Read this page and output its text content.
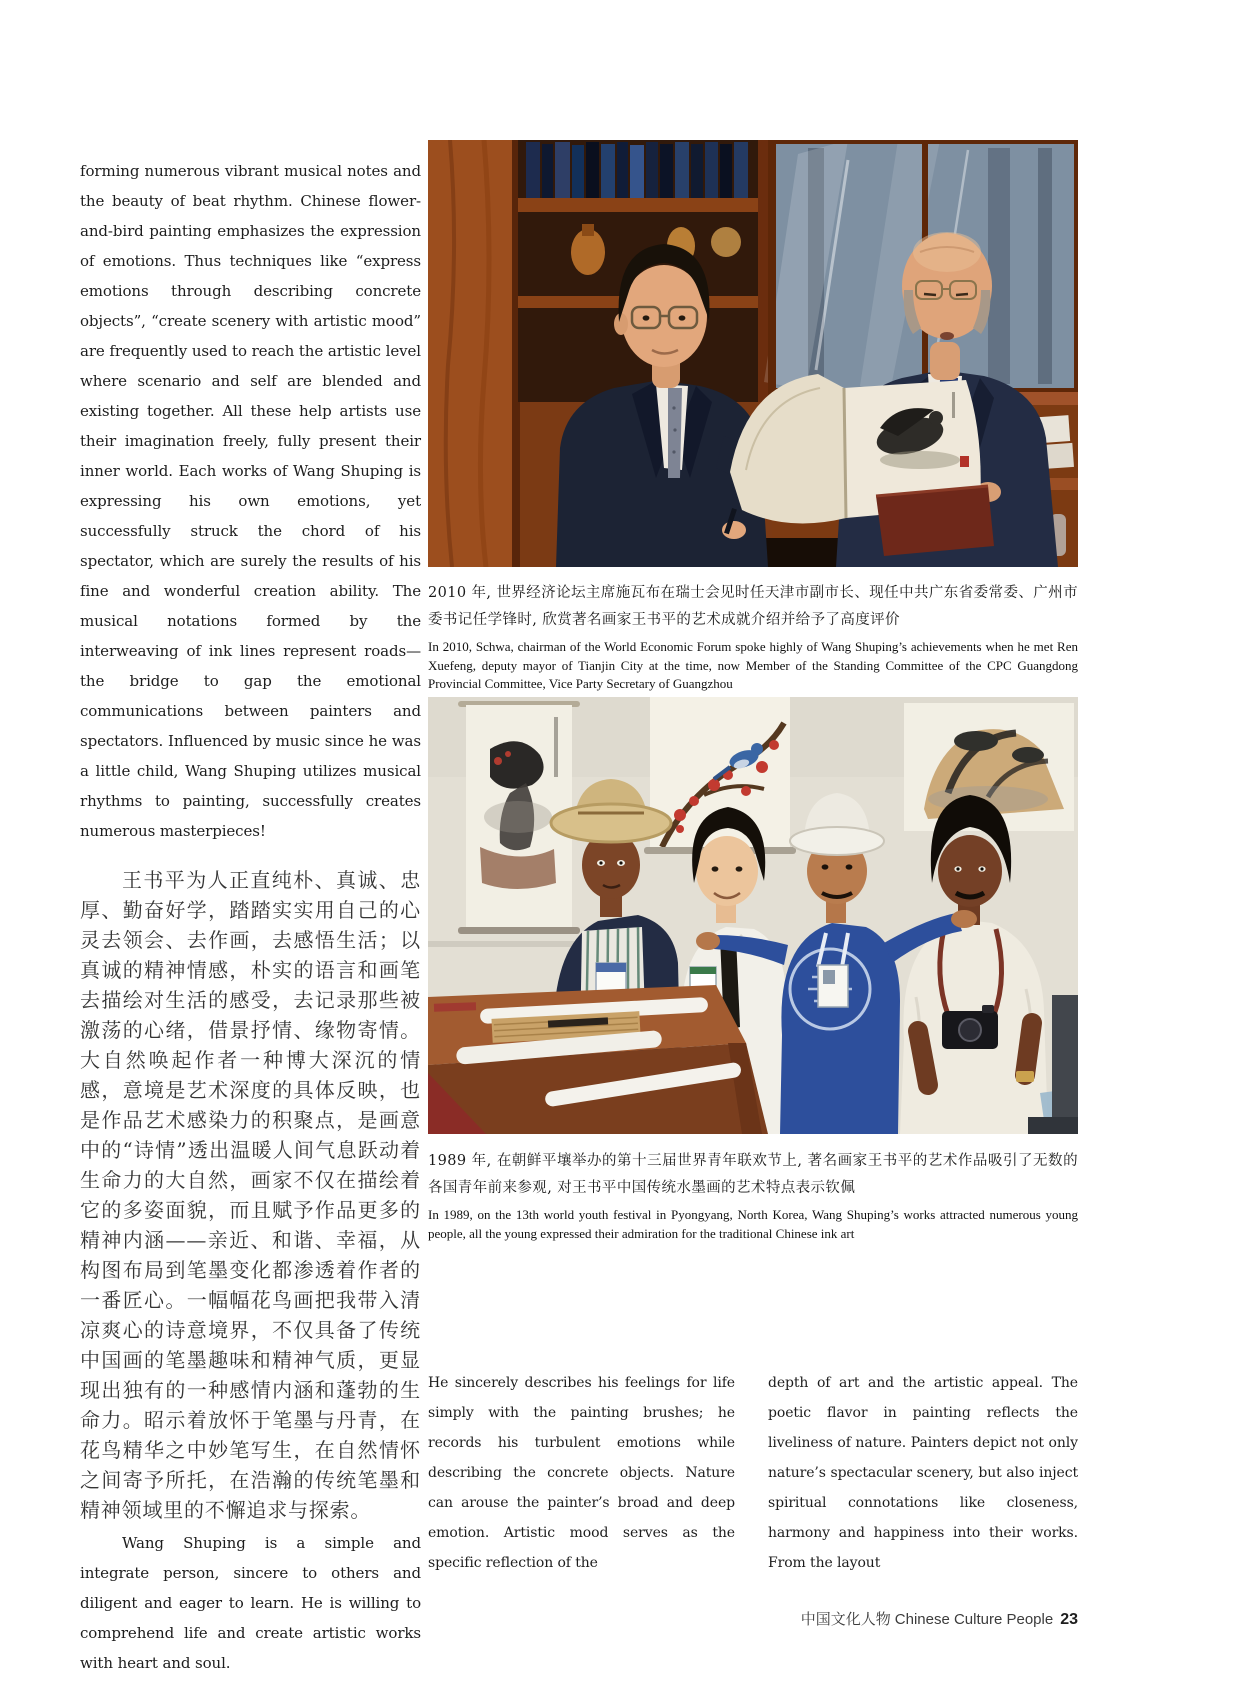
forming numerous vibrant musical notes and the beauty of beat rhythm. Chinese flower-and-bird painting emphasizes the expression of emotions. Thus techniques like “express emotions through describing concrete objects”, “create scenery with artistic mood” are frequently used to reach the artistic level where scenario and self are blended and existing together. All these help artists use their imagination freely, fully present their inner world. Each works of Wang Shuping is expressing his own emotions, yet successfully struck the chord of his spectator, which are surely the results of his fine and wonderful creation ability. The musical notations formed by the interweaving of ink lines represent roads—the bridge to gap the emotional communications between painters and spectators. Influenced by music since he was a little child, Wang Shuping utilizes musical rhythms to painting, successfully creates numerous masterpieces!

王书平为人正直纯朴、真诚、忠厚、勤奋好学，踏踏实实用自己的心灵去领会、去作画，去感悟生活；以真诚的精神情感，朴实的语言和画笔去描绘对生活的感受，去记录那些被激荡的心绪，借景抒情、缘物寄情。大自然唤起作者一种博大深沉的情感，意境是艺术深度的具体反映，也是作品艺术感染力的积聚点，是画意中的“诗情”透出温暖人间气息跃动着生命力的大自然，画家不仅在描绘着它的多姿面貌，而且赋予作品更多的精神内涵——亲近、和谐、幸福，从构图布局到笔墨变化都渗透着作者的一番匠心。一幅幅花鸟画把我带入清凉爽心的诗意境界，不仅具备了传统中国画的笔墨趣味和精神气质，更显现出独有的一种感情内涵和蓬勃的生命力。昭示着放怀于笔墨与丹青，在花鸟精华之中妙笔写生，在自然情怀之间寄予所托，在浩瀚的传统笔墨和精神领域里的不懈追求与探索。

Wang Shuping is a simple and integrate person, sincere to others and diligent and eager to learn. He is willing to comprehend life and create artistic works with heart and soul.

2010 年, 世界经济论坛主席施瓦布在瑞士会见时任天津市副市长、现任中共广东省委常委、广州市委书记任学锋时, 欣赏著名画家王书平的艺术成就介绍并给予了高度评价

In 2010, Schwa, chairman of the World Economic Forum spoke highly of Wang Shuping’s achievements when he met Ren Xuefeng, deputy mayor of Tianjin City at the time, now Member of the Standing Committee of the CPC Guangdong Provincial Committee, Vice Party Secretary of Guangzhou

1989 年, 在朝鲜平壤举办的第十三届世界青年联欢节上, 著名画家王书平的艺术作品吸引了无数的各国青年前来参观, 对王书平中国传统水墨画的艺术特点表示钦佩

In 1989, on the 13th world youth festival in Pyongyang, North Korea, Wang Shuping’s works attracted numerous young people, all the young expressed their admiration for the traditional Chinese ink art

He sincerely describes his feelings for life simply with the painting brushes; he records his turbulent emotions while describing the concrete objects. Nature can arouse the painter’s broad and deep emotion. Artistic mood serves as the specific reflection of the
depth of art and the artistic appeal. The poetic flavor in painting reflects the liveliness of nature. Painters depict not only nature’s spectacular scenery, but also inject spiritual connotations like closeness, harmony and happiness into their works. From the layout
中国文化人物 Chinese Culture People 23
